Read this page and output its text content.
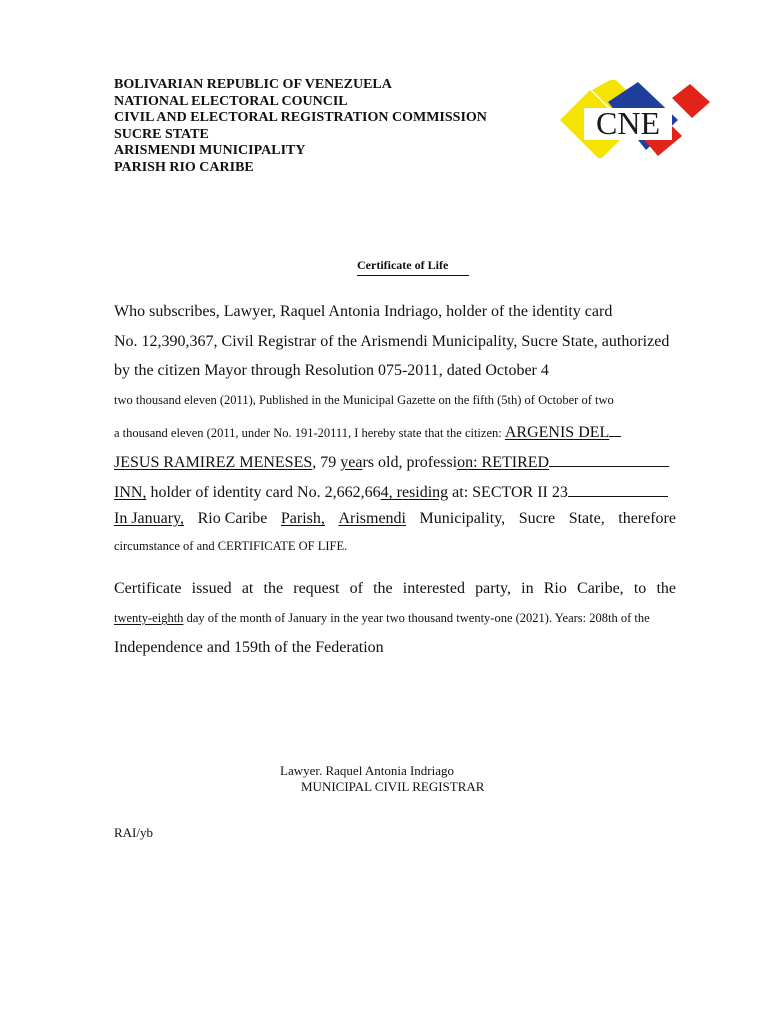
BOLIVARIAN REPUBLIC OF VENEZUELA
NATIONAL ELECTORAL COUNCIL
CIVIL AND ELECTORAL REGISTRATION COMMISSION
SUCRE STATE
ARISMENDI MUNICIPALITY
PARISH RIO CARIBE
CNE
Certificate of Life
Who subscribes, Lawyer, Raquel Antonia Indriago, holder of the identity card
No. 12,390,367, Civil Registrar of the Arismendi Municipality, Sucre State, authorized
by the citizen Mayor through Resolution 075-2011, dated October 4
two thousand eleven (2011), Published in the Municipal Gazette on the fifth (5th) of October of two
a thousand eleven (2011, under No. 191-20111, I hereby state that the citizen: ARGENIS DEL
JESUS RAMIREZ MENESES, 79 years old, profession: RETIRED
INN, holder of identity card No. 2,662,664, residing at: SECTOR II 23
In January, Rio Caribe Parish, Arismendi Municipality, Sucre State, therefore
circumstance of and CERTIFICATE OF LIFE.
Certificate issued at the request of the interested party, in Rio Caribe, to the
twenty-eighth day of the month of January in the year two thousand twenty-one (2021). Years: 208th of the
Independence and 159th of the Federation
Lawyer. Raquel Antonia Indriago
MUNICIPAL CIVIL REGISTRAR
RAI/yb
